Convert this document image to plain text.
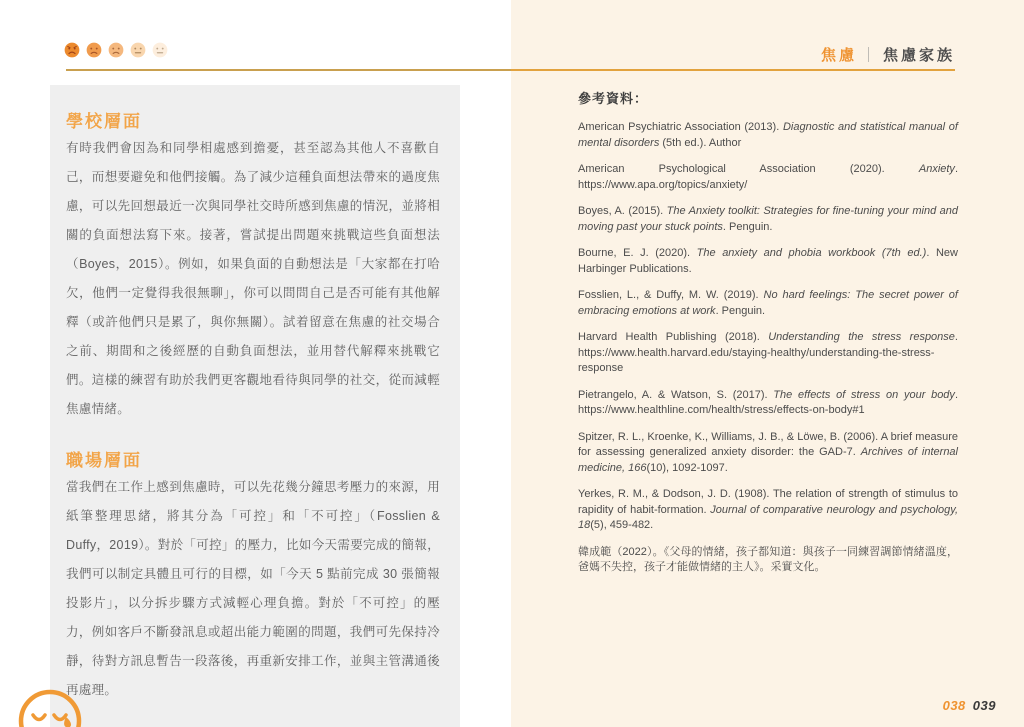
學校層面

有時我們會因為和同學相處感到擔憂，甚至認為其他人不喜歡自己，而想要避免和他們接觸。為了減少這種負面想法帶來的過度焦慮，可以先回想最近一次與同學社交時所感到焦慮的情況，並將相關的負面想法寫下來。接著，嘗試提出問題來挑戰這些負面想法（Boyes，2015）。例如，如果負面的自動想法是「大家都在打哈欠，他們一定覺得我很無聊」，你可以問問自己是否可能有其他解釋（或許他們只是累了，與你無關）。試着留意在焦慮的社交場合之前、期間和之後經歷的自動負面想法，並用替代解釋來挑戰它們。這樣的練習有助於我們更客觀地看待與同學的社交，從而減輕焦慮情緒。

職場層面

當我們在工作上感到焦慮時，可以先花幾分鐘思考壓力的來源，用紙筆整理思緒，將其分為「可控」和「不可控」（Fosslien & Duffy，2019）。對於「可控」的壓力，比如今天需要完成的簡報，我們可以制定具體且可行的目標，如「今天 5 點前完成 30 張簡報投影片」，以分拆步驟方式減輕心理負擔。對於「不可控」的壓力，例如客戶不斷發訊息或超出能力範圍的問題，我們可先保持冷靜，待對方訊息暫告一段落後，再重新安排工作，並與主管溝通後再處理。

焦慮 ｜ 焦慮家族
參考資料：

American Psychiatric Association (2013). Diagnostic and statistical manual of mental disorders (5th ed.). Author

American Psychological Association (2020). Anxiety. https://www.apa.org/topics/anxiety/

Boyes, A. (2015). The Anxiety toolkit: Strategies for fine-tuning your mind and moving past your stuck points. Penguin.

Bourne, E. J. (2020). The anxiety and phobia workbook (7th ed.). New Harbinger Publications.

Fosslien, L., & Duffy, M. W. (2019). No hard feelings: The secret power of embracing emotions at work. Penguin.

Harvard Health Publishing (2018). Understanding the stress response. https://www.health.harvard.edu/staying-healthy/understanding-the-stress-response

Pietrangelo, A. & Watson, S. (2017). The effects of stress on your body. https://www.healthline.com/health/stress/effects-on-body#1

Spitzer, R. L., Kroenke, K., Williams, J. B., & Löwe, B. (2006). A brief measure for assessing generalized anxiety disorder: the GAD-7. Archives of internal medicine, 166(10), 1092-1097.

Yerkes, R. M., & Dodson, J. D. (1908). The relation of strength of stimulus to rapidity of habit-formation. Journal of comparative neurology and psychology, 18(5), 459-482.

韓成範（2022）。《父母的情緒，孩子都知道：與孩子一同練習調節情緒溫度，爸媽不失控，孩子才能做情緒的主人》。采實文化。

038 039
